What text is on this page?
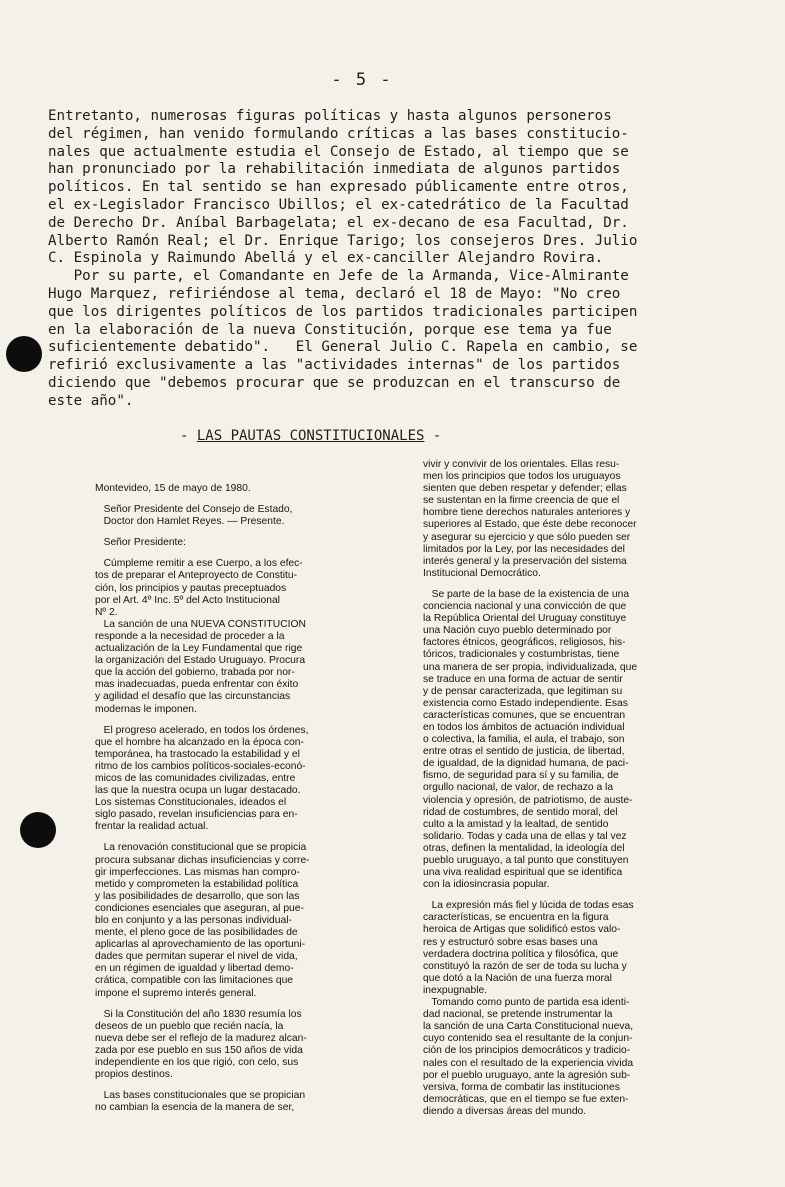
- 5 -
Entretanto, numerosas figuras políticas y hasta algunos personeros
del régimen, han venido formulando críticas a las bases constitucio-
nales que actualmente estudia el Consejo de Estado, al tiempo que se
han pronunciado por la rehabilitación inmediata de algunos partidos
políticos. En tal sentido se han expresado públicamente entre otros,
el ex-Legislador Francisco Ubillos; el ex-catedrático de la Facultad
de Derecho Dr. Aníbal Barbagelata; el ex-decano de esa Facultad, Dr.
Alberto Ramón Real; el Dr. Enrique Tarigo; los consejeros Dres. Julio
C. Espinola y Raimundo Abellá y el ex-canciller Alejandro Rovira.
Por su parte, el Comandante en Jefe de la Armanda, Vice-Almirante
Hugo Marquez, refiriéndose al tema, declaró el 18 de Mayo: "No creo
que los dirigentes políticos de los partidos tradicionales participen
en la elaboración de la nueva Constitución, porque ese tema ya fue
suficientemente debatido".   El General Julio C. Rapela en cambio, se
refirió exclusivamente a las "actividades internas" de los partidos
diciendo que "debemos procurar que se produzcan en el transcurso de
este año".
- LAS PAUTAS CONSTITUCIONALES -
Montevideo, 15 de mayo de 1980.
Señor Presidente del Consejo de Estado,
Doctor don Hamlet Reyes. — Presente.
Señor Presidente:
Cúmpleme remitir a ese Cuerpo, a los efec-
tos de preparar el Anteproyecto de Constitu-
ción, los principios y pautas preceptuados
por el Art. 4º Inc. 5º del Acto Institucional
Nº 2.
La sanción de una NUEVA CONSTITUCION
responde a la necesidad de proceder a la
actualización de la Ley Fundamental que rige
la organización del Estado Uruguayo. Procura
que la acción del gobierno, trabada por nor-
mas inadecuadas, pueda enfrentar con éxito
y agilidad el desafío que las circunstancias
modernas le imponen.
El progreso acelerado, en todos los órdenes,
que el hombre ha alcanzado en la época con-
temporánea, ha trastocado la estabilidad y el
ritmo de los cambios políticos-sociales-econó-
micos de las comunidades civilizadas, entre
las que la nuestra ocupa un lugar destacado.
Los sistemas Constitucionales, ideados el
siglo pasado, revelan insuficiencias para en-
frentar la realidad actual.
La renovación constitucional que se propicia
procura subsanar dichas insuficiencias y corre-
gir imperfecciones. Las mismas han compro-
metido y comprometen la estabilidad política
y las posibilidades de desarrollo, que son las
condiciones esenciales que aseguran, al pue-
blo en conjunto y a las personas individual-
mente, el pleno goce de las posibilidades de
aplicarlas al aprovechamiento de las oportuni-
dades que permitan superar el nivel de vida,
en un régimen de igualdad y libertad demo-
crática, compatible con las limitaciones que
impone el supremo interés general.
Si la Constitución del año 1830 resumía los
deseos de un pueblo que recién nacía, la
nueva debe ser el reflejo de la madurez alcan-
zada por ese pueblo en sus 150 años de vida
independiente en los que rigió, con celo, sus
propios destinos.
Las bases constitucionales que se propician
no cambian la esencia de la manera de ser,
vivir y convivir de los orientales. Ellas resu-
men los principios que todos los uruguayos
sienten que deben respetar y defender; ellas
se sustentan en la firme creencia de que el
hombre tiene derechos naturales anteriores y
superiores al Estado, que éste debe reconocer
y asegurar su ejercicio y que sólo pueden ser
limitados por la Ley, por las necesidades del
interés general y la preservación del sistema
Institucional Democrático.
Se parte de la base de la existencia de una
conciencia nacional y una convicción de que
la República Oriental del Uruguay constituye
una Nación cuyo pueblo determinado por
factores étnicos, geográficos, religiosos, his-
tóricos, tradicionales y costumbristas, tiene
una manera de ser propia, individualizada, que
se traduce en una forma de actuar de sentir
y de pensar caracterizada, que legitiman su
existencia como Estado independiente. Esas
características comunes, que se encuentran
en todos los ámbitos de actuación individual
o colectiva, la familia, el aula, el trabajo, son
entre otras el sentido de justicia, de libertad,
de igualdad, de la dignidad humana, de paci-
fismo, de seguridad para sí y su familia, de
orgullo nacional, de valor, de rechazo a la
violencia y opresión, de patriotismo, de auste-
ridad de costumbres, de sentido moral, del
culto a la amistad y la lealtad, de sentido
solidario. Todas y cada una de ellas y tal vez
otras, definen la mentalidad, la ideología del
pueblo uruguayo, a tal punto que constituyen
una viva realidad espiritual que se identifica
con la idiosincrasia popular.
La expresión más fiel y lúcida de todas esas
características, se encuentra en la figura
heroica de Artigas que solidificó estos valo-
res y estructuró sobre esas bases una
verdadera doctrina política y filosófica, que
constituyó la razón de ser de toda su lucha y
que dotó a la Nación de una fuerza moral
inexpugnable.
Tomando como punto de partida esa identi-
dad nacional, se pretende instrumentar la
la sanción de una Carta Constitucional nueva,
cuyo contenido sea el resultante de la conjun-
ción de los principios democráticos y tradicio-
nales con el resultado de la experiencia vivida
por el pueblo uruguayo, ante la agresión sub-
versiva, forma de combatir las instituciones
democráticas, que en el tiempo se fue exten-
diendo a diversas áreas del mundo.
